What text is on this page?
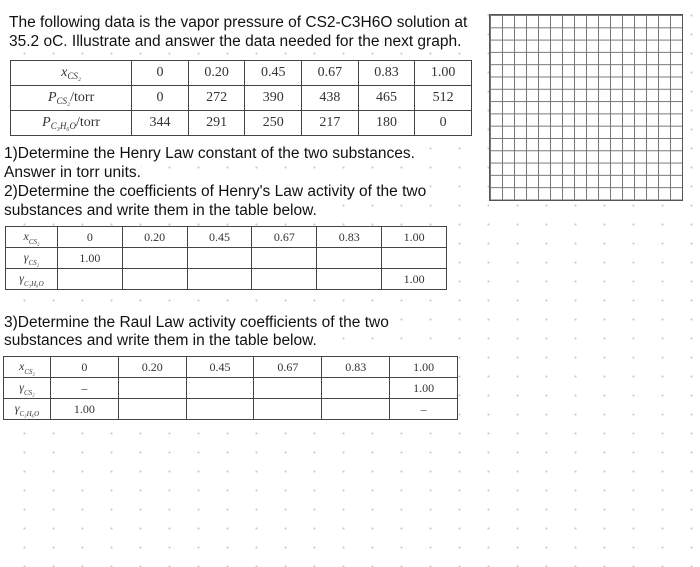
The following data is the vapor pressure of CS2-C3H6O solution at
35.2 oC. Illustrate and answer the data needed for the next graph.
$x_{CS_2}$	0	0.20	0.45	0.67	0.83	1.00
$P_{CS_2}$/torr	0	272	390	438	465	512
$P_{C_3H_6O}$/torr	344	291	250	217	180	0
1)Determine the Henry Law constant of the two substances.
Answer in torr units.
2)Determine the coefficients of Henry's Law activity of the two
substances and write them in the table below.
$x_{CS_2}$	0	0.20	0.45	0.67	0.83	1.00
$\gamma_{CS_2}$	1.00					
$\gamma_{C_3H_6O}$						1.00
3)Determine the Raul Law activity coefficients of the two
substances and write them in the table below.
$x_{CS_2}$	0	0.20	0.45	0.67	0.83	1.00
$\gamma_{CS_2}$	–					1.00
$\gamma_{C_3H_6O}$	1.00					–
